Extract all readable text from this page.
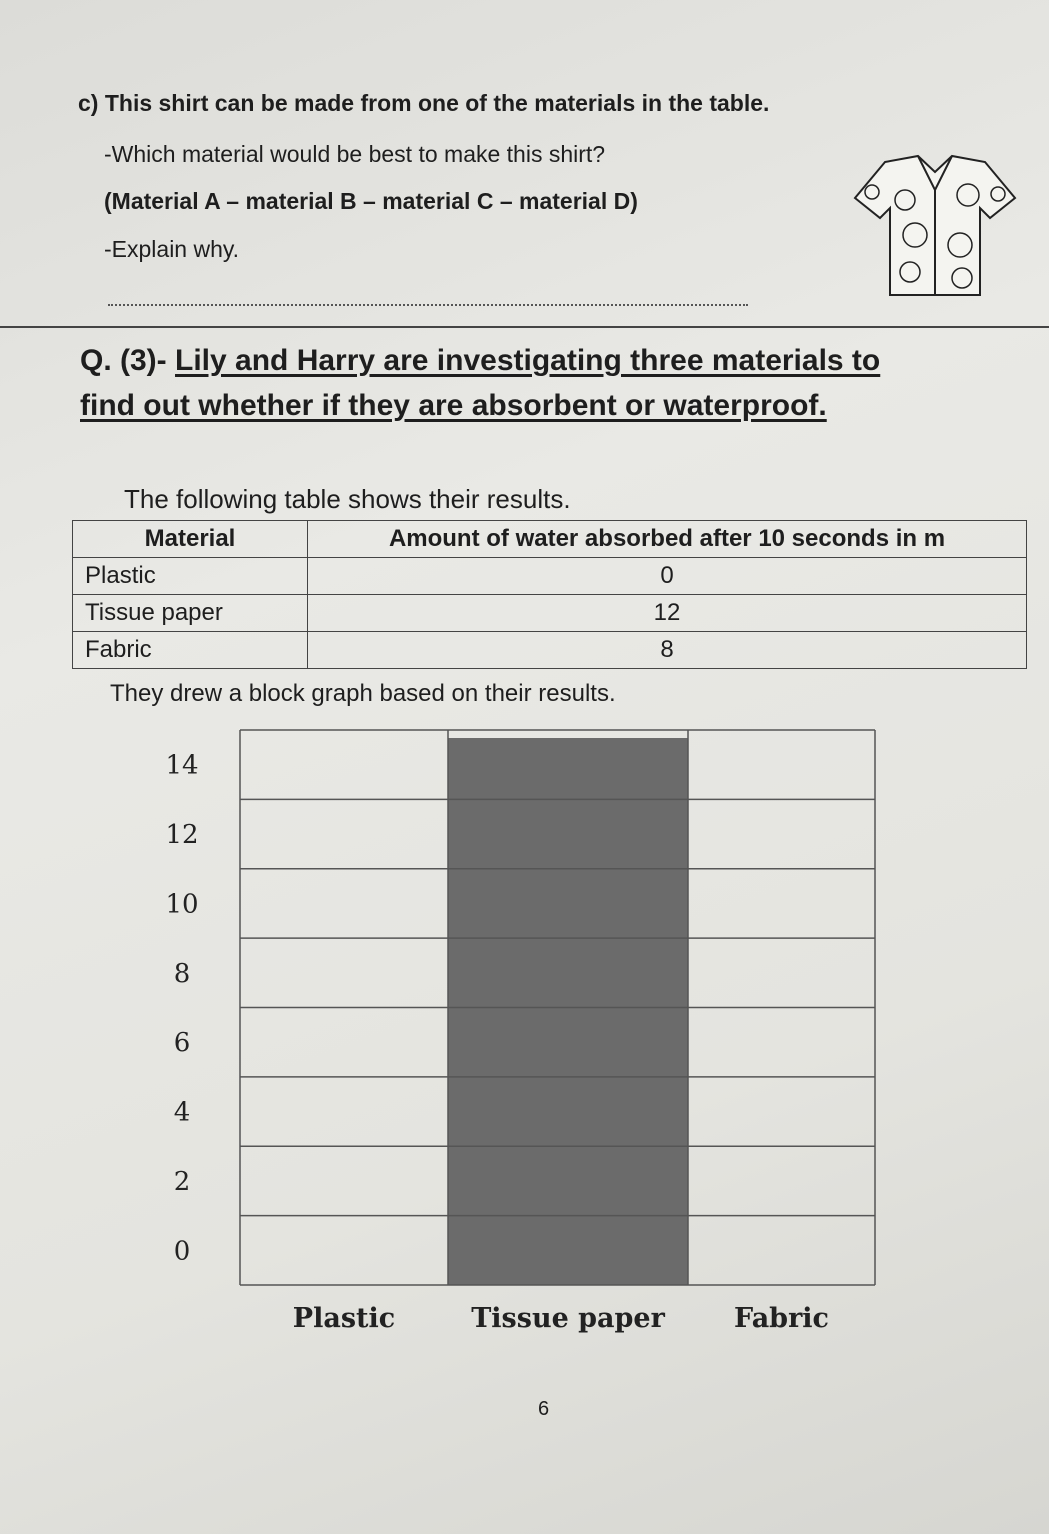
c) This shirt can be made from one of the materials in the table.
-Which material would be best to make this shirt?
(Material A – material B – material C – material D)
-Explain why.
Q. (3)- Lily and Harry are investigating three materials to find out whether if they are absorbent or waterproof.
The following table shows their results.
Material	Amount of water absorbed after 10 seconds in m
Plastic	0
Tissue paper	12
Fabric	8
They drew a block graph based on their results.
14
12
10
8
6
4
2
0
Plastic	Tissue paper	Fabric
6
